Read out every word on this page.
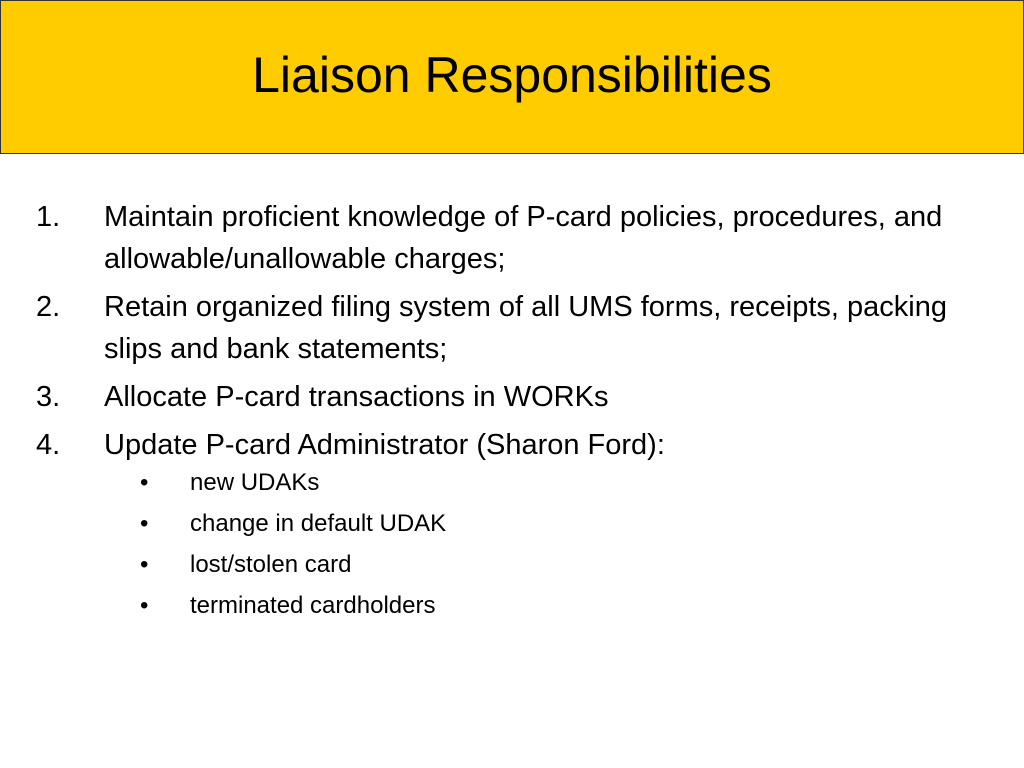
Liaison Responsibilities
1. Maintain proficient knowledge of P-card policies, procedures, and allowable/unallowable charges;
2. Retain organized filing system of all UMS forms, receipts, packing slips and bank statements;
3. Allocate P-card transactions in WORKs
4. Update P-card Administrator (Sharon Ford):
• new UDAKs
• change in default UDAK
• lost/stolen card
• terminated cardholders
